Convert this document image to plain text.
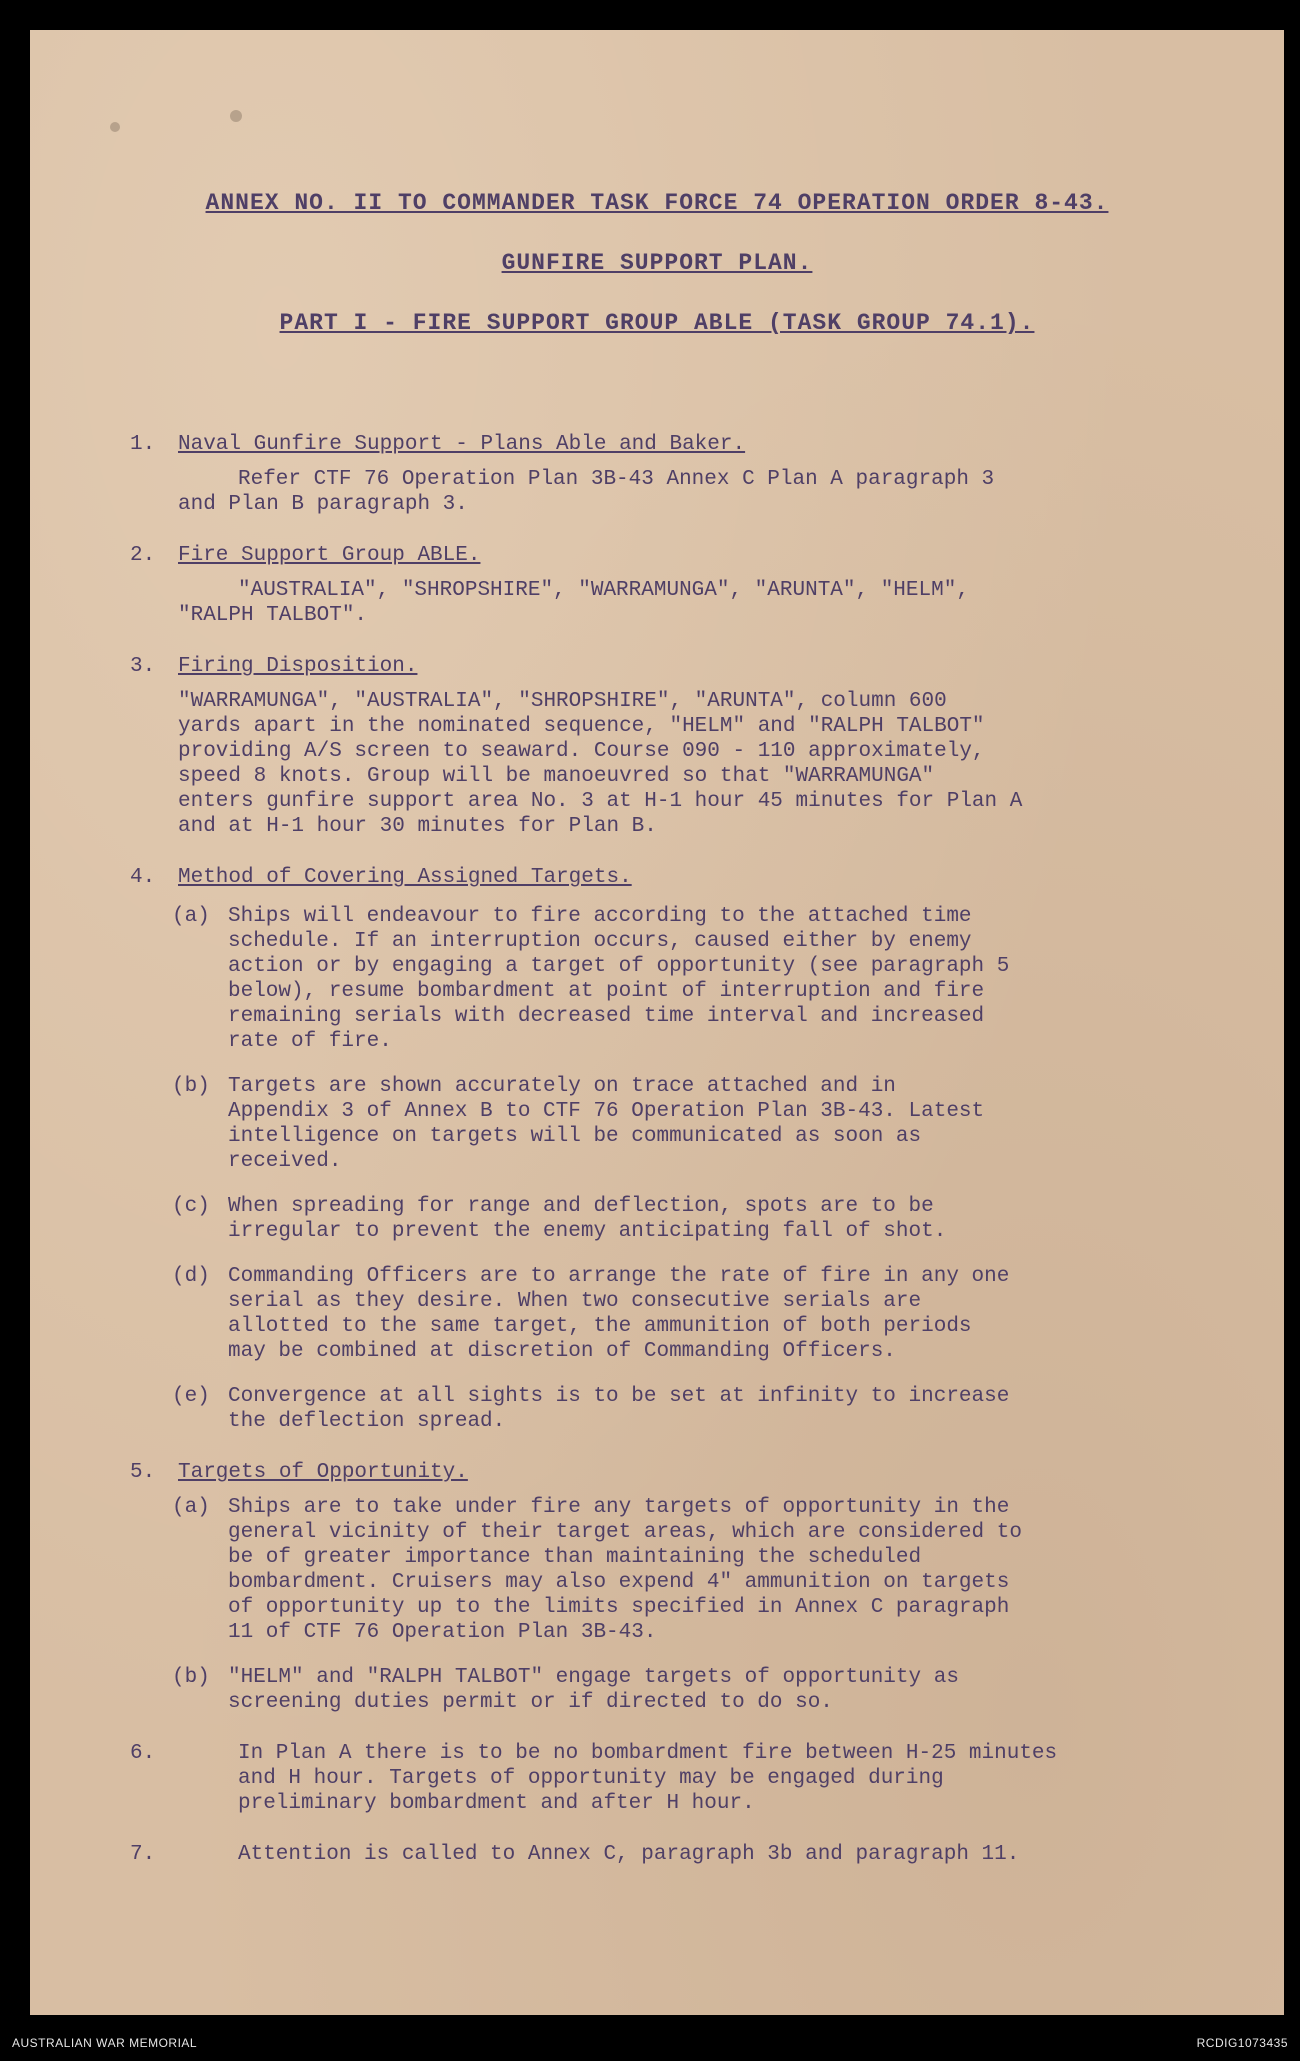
ANNEX NO. II TO COMMANDER TASK FORCE 74 OPERATION ORDER 8-43.
GUNFIRE SUPPORT PLAN.
PART I - FIRE SUPPORT GROUP ABLE (TASK GROUP 74.1).
1.	Naval Gunfire Support - Plans Able and Baker.
Refer CTF 76 Operation Plan 3B-43 Annex C Plan A paragraph 3
and Plan B paragraph 3.
2.	Fire Support Group ABLE.
"AUSTRALIA", "SHROPSHIRE", "WARRAMUNGA", "ARUNTA", "HELM",
"RALPH TALBOT".
3.	Firing Disposition.
"WARRAMUNGA", "AUSTRALIA", "SHROPSHIRE", "ARUNTA", column 600
yards apart in the nominated sequence, "HELM" and "RALPH TALBOT"
providing A/S screen to seaward. Course 090 - 110 approximately,
speed 8 knots. Group will be manoeuvred so that "WARRAMUNGA"
enters gunfire support area No. 3 at H-1 hour 45 minutes for Plan A
and at H-1 hour 30 minutes for Plan B.
4.	Method of Covering Assigned Targets.
(a) Ships will endeavour to fire according to the attached time
schedule. If an interruption occurs, caused either by enemy
action or by engaging a target of opportunity (see paragraph 5
below), resume bombardment at point of interruption and fire
remaining serials with decreased time interval and increased
rate of fire.
(b) Targets are shown accurately on trace attached and in
Appendix 3 of Annex B to CTF 76 Operation Plan 3B-43. Latest
intelligence on targets will be communicated as soon as
received.
(c) When spreading for range and deflection, spots are to be
irregular to prevent the enemy anticipating fall of shot.
(d) Commanding Officers are to arrange the rate of fire in any one
serial as they desire. When two consecutive serials are
allotted to the same target, the ammunition of both periods
may be combined at discretion of Commanding Officers.
(e) Convergence at all sights is to be set at infinity to increase
the deflection spread.
5.	Targets of Opportunity.
(a) Ships are to take under fire any targets of opportunity in the
general vicinity of their target areas, which are considered to
be of greater importance than maintaining the scheduled
bombardment. Cruisers may also expend 4" ammunition on targets
of opportunity up to the limits specified in Annex C paragraph
11 of CTF 76 Operation Plan 3B-43.
(b) "HELM" and "RALPH TALBOT" engage targets of opportunity as
screening duties permit or if directed to do so.
6.	In Plan A there is to be no bombardment fire between H-25 minutes
and H hour. Targets of opportunity may be engaged during
preliminary bombardment and after H hour.
7.	Attention is called to Annex C, paragraph 3b and paragraph 11.
AUSTRALIAN WAR MEMORIAL	RCDIG1073435
